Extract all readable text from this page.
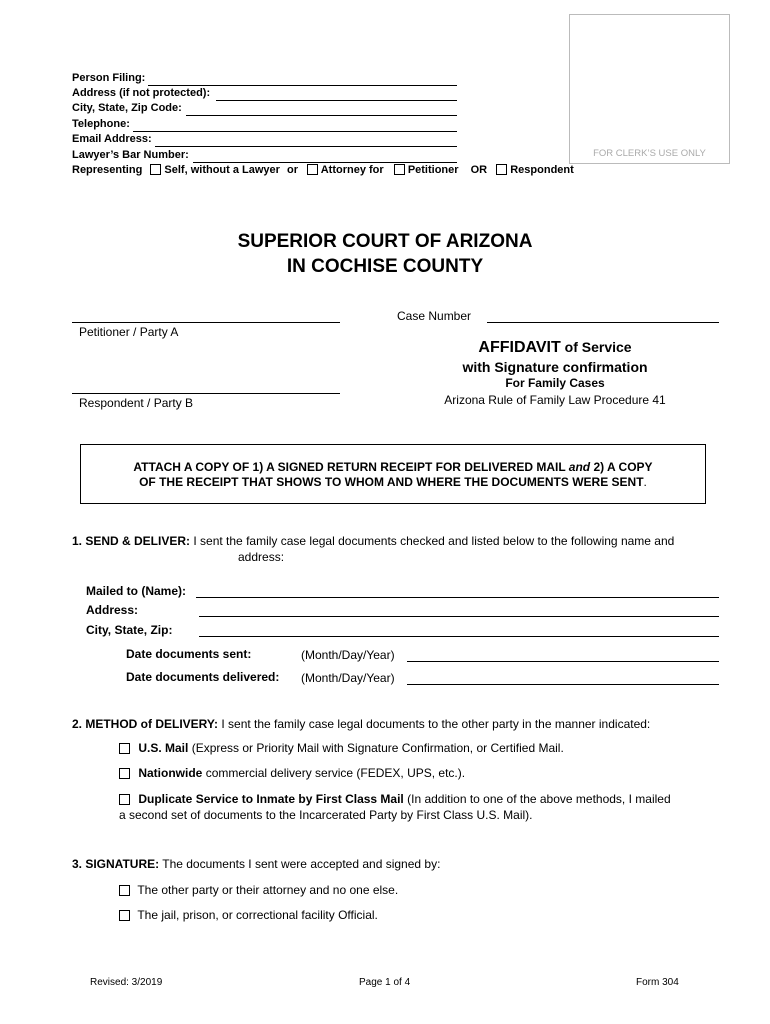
FOR CLERK’S USE ONLY
Person Filing:
Address (if not protected):
City, State, Zip Code:
Telephone:
Email Address:
Lawyer’s Bar Number:
Representing Self, without a Lawyer or Attorney for Petitioner OR Respondent
SUPERIOR COURT OF ARIZONA
IN COCHISE COUNTY
Petitioner / Party A
Case Number
Respondent / Party B
AFFIDAVIT of Service
with Signature confirmation
For Family Cases
Arizona Rule of Family Law Procedure 41
ATTACH A COPY OF 1) A SIGNED RETURN RECEIPT FOR DELIVERED MAIL and 2) A COPY
OF THE RECEIPT THAT SHOWS TO WHOM AND WHERE THE DOCUMENTS WERE SENT.
1. SEND & DELIVER: I sent the family case legal documents checked and listed below to the following name and
address:
Mailed to (Name):
Address:
City, State, Zip:
Date documents sent:	(Month/Day/Year)
Date documents delivered: (Month/Day/Year)
2. METHOD of DELIVERY: I sent the family case legal documents to the other party in the manner indicated:
U.S. Mail (Express or Priority Mail with Signature Confirmation, or Certified Mail.
Nationwide commercial delivery service (FEDEX, UPS, etc.).
Duplicate Service to Inmate by First Class Mail (In addition to one of the above methods, I mailed
a second set of documents to the Incarcerated Party by First Class U.S. Mail).
3. SIGNATURE: The documents I sent were accepted and signed by:
The other party or their attorney and no one else.
The jail, prison, or correctional facility Official.
Revised: 3/2019	Page 1 of 4	Form 304
